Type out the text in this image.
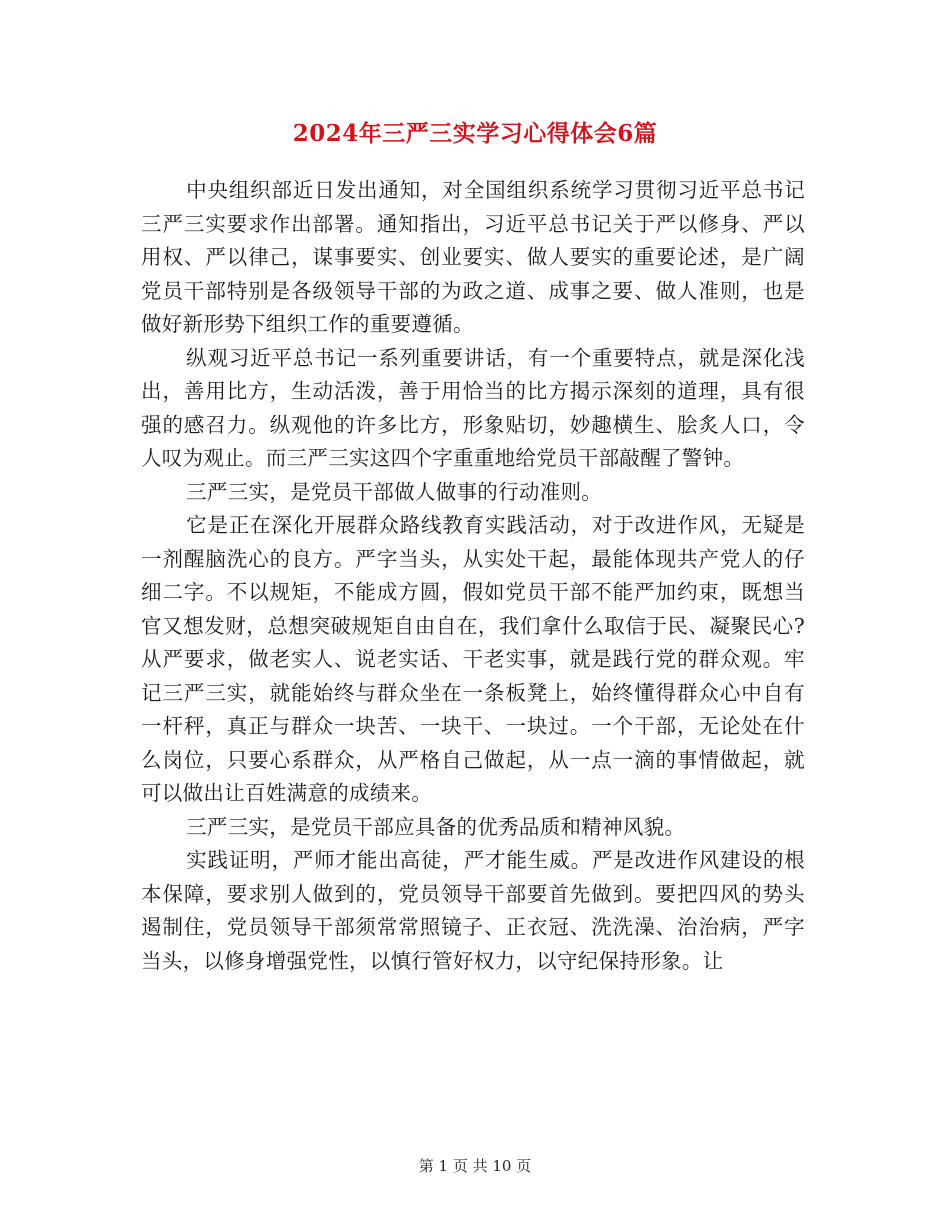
2024年三严三实学习心得体会6篇

中央组织部近日发出通知，对全国组织系统学习贯彻习近平总书记三严三实要求作出部署。通知指出，习近平总书记关于严以修身、严以用权、严以律己，谋事要实、创业要实、做人要实的重要论述，是广阔党员干部特别是各级领导干部的为政之道、成事之要、做人准则，也是做好新形势下组织工作的重要遵循。

纵观习近平总书记一系列重要讲话，有一个重要特点，就是深化浅出，善用比方，生动活泼，善于用恰当的比方揭示深刻的道理，具有很强的感召力。纵观他的许多比方，形象贴切，妙趣横生、脍炙人口，令人叹为观止。而三严三实这四个字重重地给党员干部敲醒了警钟。

三严三实，是党员干部做人做事的行动准则。

它是正在深化开展群众路线教育实践活动，对于改进作风，无疑是一剂醒脑洗心的良方。严字当头，从实处干起，最能体现共产党人的仔细二字。不以规矩，不能成方圆，假如党员干部不能严加约束，既想当官又想发财，总想突破规矩自由自在，我们拿什么取信于民、凝聚民心?从严要求，做老实人、说老实话、干老实事，就是践行党的群众观。牢记三严三实，就能始终与群众坐在一条板凳上，始终懂得群众心中自有一杆秤，真正与群众一块苦、一块干、一块过。一个干部，无论处在什么岗位，只要心系群众，从严格自己做起，从一点一滴的事情做起，就可以做出让百姓满意的成绩来。

三严三实，是党员干部应具备的优秀品质和精神风貌。

实践证明，严师才能出高徒，严才能生威。严是改进作风建设的根本保障，要求别人做到的，党员领导干部要首先做到。要把四风的势头遏制住，党员领导干部须常常照镜子、正衣冠、洗洗澡、治治病，严字当头，以修身增强党性，以慎行管好权力，以守纪保持形象。让

第 1 页 共 10 页
